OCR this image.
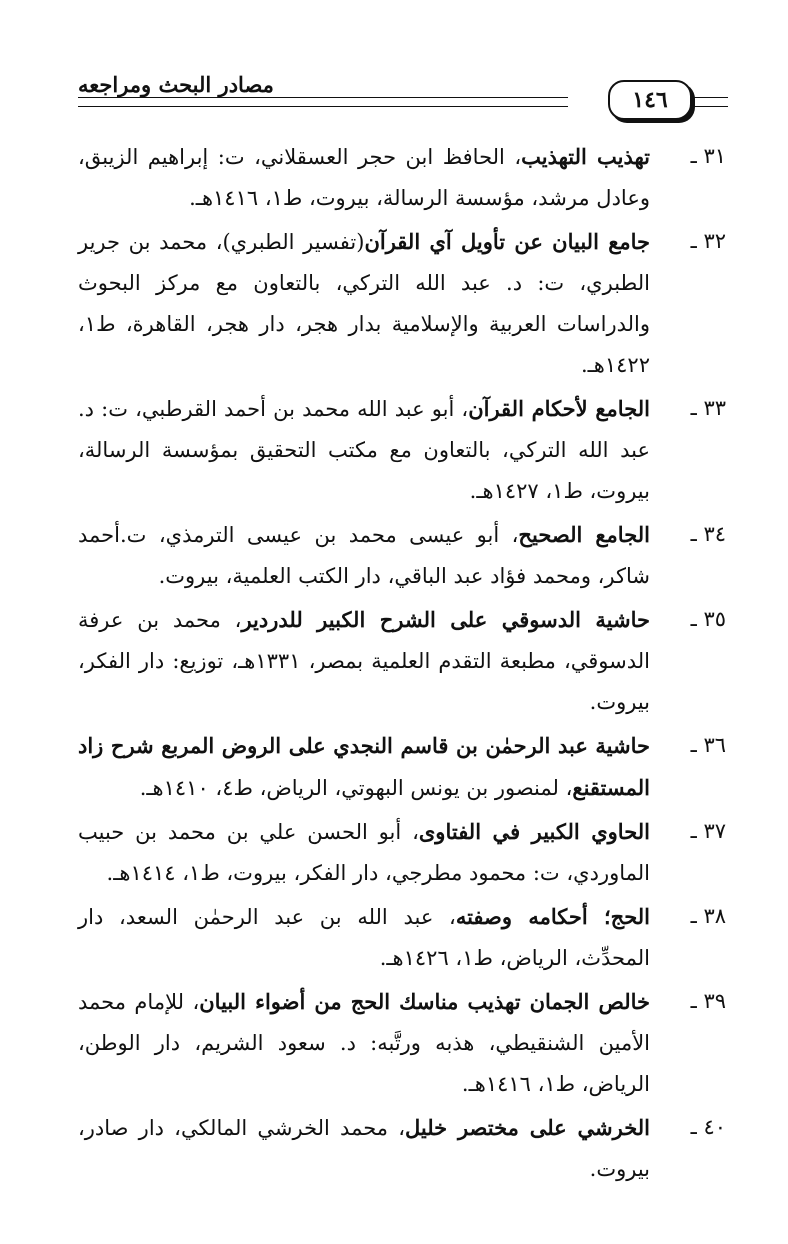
مصادر البحث ومراجعه
١٤٦
٣١ ـ
تهذيب التهذيب، الحافظ ابن حجر العسقلاني، ت: إبراهيم الزيبق، وعادل مرشد، مؤسسة الرسالة، بيروت، ط١، ١٤١٦هـ.
٣٢ ـ
جامع البيان عن تأويل آي القرآن(تفسير الطبري)، محمد بن جرير الطبري، ت: د. عبد الله التركي، بالتعاون مع مركز البحوث والدراسات العربية والإسلامية بدار هجر، دار هجر، القاهرة، ط١، ١٤٢٢هـ.
٣٣ ـ
الجامع لأحكام القرآن، أبو عبد الله محمد بن أحمد القرطبي، ت: د. عبد الله التركي، بالتعاون مع مكتب التحقيق بمؤسسة الرسالة، بيروت، ط١، ١٤٢٧هـ.
٣٤ ـ
الجامع الصحيح، أبو عيسى محمد بن عيسى الترمذي، ت.أحمد شاكر، ومحمد فؤاد عبد الباقي، دار الكتب العلمية، بيروت.
٣٥ ـ
حاشية الدسوقي على الشرح الكبير للدردير، محمد بن عرفة الدسوقي، مطبعة التقدم العلمية بمصر، ١٣٣١هـ، توزيع: دار الفكر، بيروت.
٣٦ ـ
حاشية عبد الرحمٰن بن قاسم النجدي على الروض المربع شرح زاد المستقنع، لمنصور بن يونس البهوتي، الرياض، ط٤، ١٤١٠هـ.
٣٧ ـ
الحاوي الكبير في الفتاوى، أبو الحسن علي بن محمد بن حبيب الماوردي، ت: محمود مطرجي، دار الفكر، بيروت، ط١، ١٤١٤هـ.
٣٨ ـ
الحج؛ أحكامه وصفته، عبد الله بن عبد الرحمٰن السعد، دار المحدِّث، الرياض، ط١، ١٤٢٦هـ.
٣٩ ـ
خالص الجمان تهذيب مناسك الحج من أضواء البيان، للإمام محمد الأمين الشنقيطي، هذبه ورتَّبه: د. سعود الشريم، دار الوطن، الرياض، ط١، ١٤١٦هـ.
٤٠ ـ
الخرشي على مختصر خليل، محمد الخرشي المالكي، دار صادر، بيروت.
